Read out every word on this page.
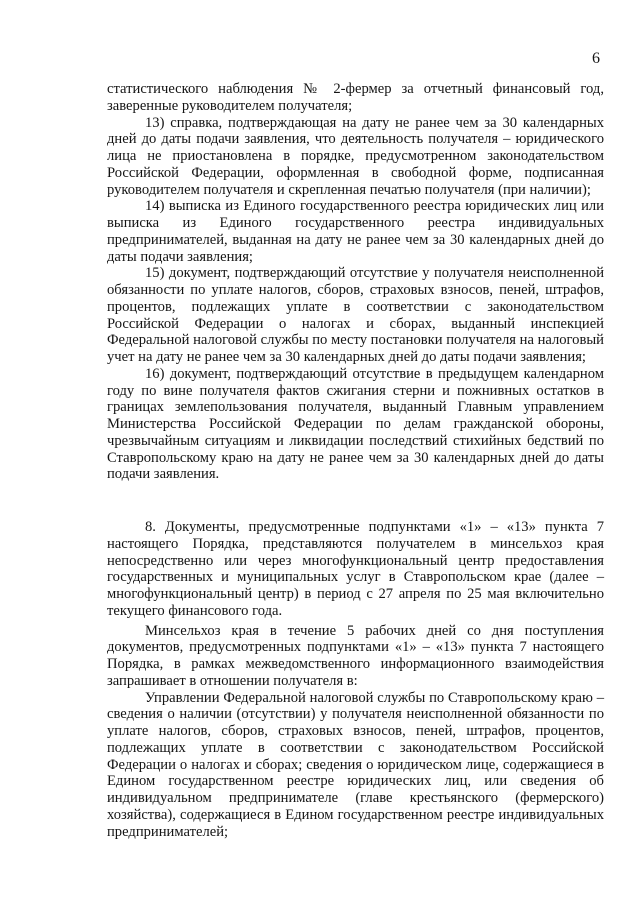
6

статистического наблюдения № 2-фермер за отчетный финансовый год, заверенные руководителем получателя;

13) справка, подтверждающая на дату не ранее чем за 30 календарных дней до даты подачи заявления, что деятельность получателя – юридического лица не приостановлена в порядке, предусмотренном законодательством Российской Федерации, оформленная в свободной форме, подписанная руководителем получателя и скрепленная печатью получателя (при наличии);

14) выписка из Единого государственного реестра юридических лиц или выписка из Единого государственного реестра индивидуальных предпринимателей, выданная на дату не ранее чем за 30 календарных дней до даты подачи заявления;

15) документ, подтверждающий отсутствие у получателя неисполненной обязанности по уплате налогов, сборов, страховых взносов, пеней, штрафов, процентов, подлежащих уплате в соответствии с законодательством Российской Федерации о налогах и сборах, выданный инспекцией Федеральной налоговой службы по месту постановки получателя на налоговый учет на дату не ранее чем за 30 календарных дней до даты подачи заявления;

16) документ, подтверждающий отсутствие в предыдущем календарном году по вине получателя фактов сжигания стерни и пожнивных остатков в границах землепользования получателя, выданный Главным управлением Министерства Российской Федерации по делам гражданской обороны, чрезвычайным ситуациям и ликвидации последствий стихийных бедствий по Ставропольскому краю на дату не ранее чем за 30 календарных дней до даты подачи заявления.

8. Документы, предусмотренные подпунктами «1» – «13» пункта 7 настоящего Порядка, представляются получателем в минсельхоз края непосредственно или через многофункциональный центр предоставления государственных и муниципальных услуг в Ставропольском крае (далее – многофункциональный центр) в период с 27 апреля по 25 мая включительно текущего финансового года.

Минсельхоз края в течение 5 рабочих дней со дня поступления документов, предусмотренных подпунктами «1» – «13» пункта 7 настоящего Порядка, в рамках межведомственного информационного взаимодействия запрашивает в отношении получателя в:

Управлении Федеральной налоговой службы по Ставропольскому краю – сведения о наличии (отсутствии) у получателя неисполненной обязанности по уплате налогов, сборов, страховых взносов, пеней, штрафов, процентов, подлежащих уплате в соответствии с законодательством Российской Федерации о налогах и сборах; сведения о юридическом лице, содержащиеся в Едином государственном реестре юридических лиц, или сведения об индивидуальном предпринимателе (главе крестьянского (фермерского) хозяйства), содержащиеся в Едином государственном реестре индивидуальных предпринимателей;
